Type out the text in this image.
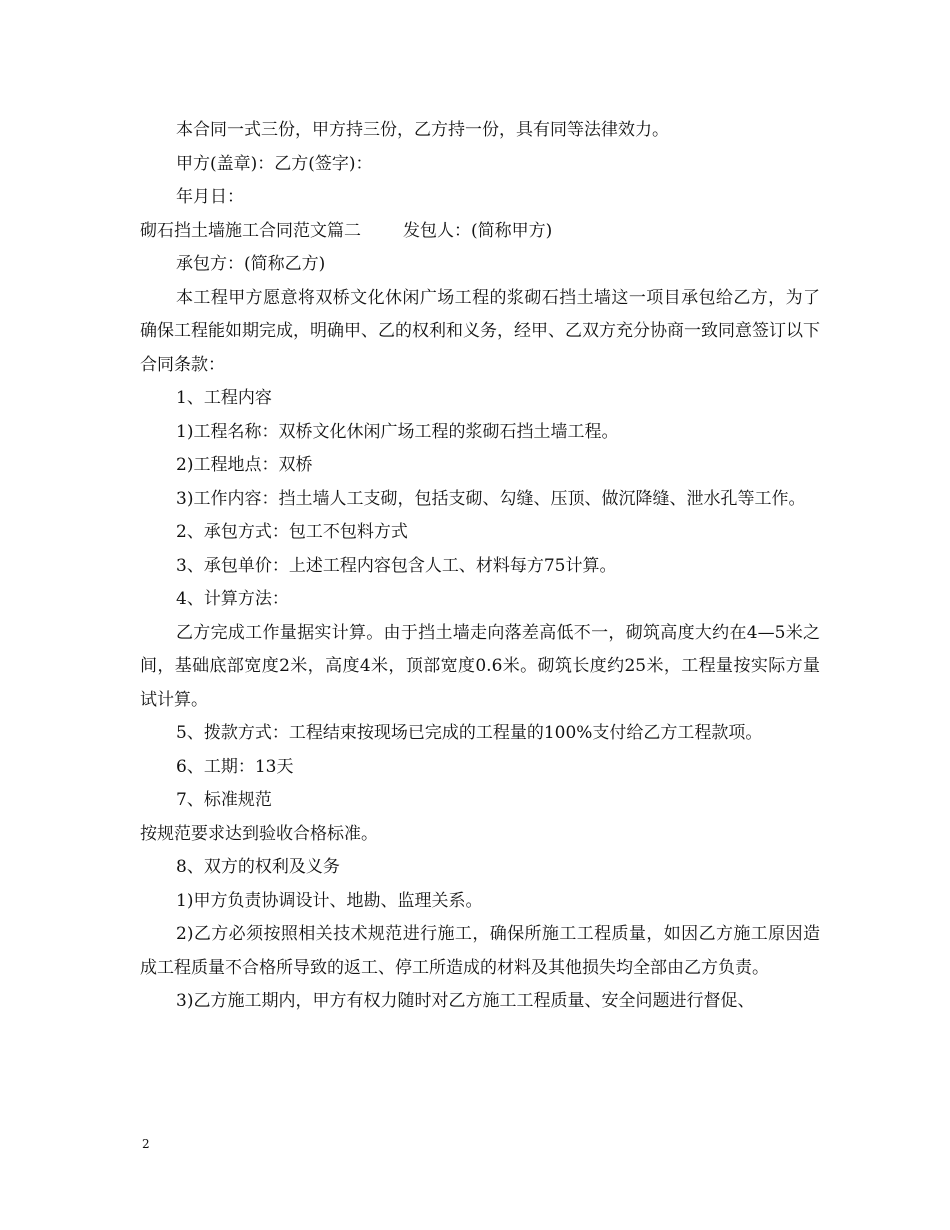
本合同一式三份，甲方持三份，乙方持一份，具有同等法律效力。

甲方(盖章)：乙方(签字)：

年月日：

砌石挡土墙施工合同范文篇二 发包人：(简称甲方)

承包方：(简称乙方)

本工程甲方愿意将双桥文化休闲广场工程的浆砌石挡土墙这一项目承包给乙方，为了确保工程能如期完成，明确甲、乙的权利和义务，经甲、乙双方充分协商一致同意签订以下合同条款：

1、工程内容

1)工程名称：双桥文化休闲广场工程的浆砌石挡土墙工程。

2)工程地点：双桥

3)工作内容：挡土墙人工支砌，包括支砌、勾缝、压顶、做沉降缝、泄水孔等工作。

2、承包方式：包工不包料方式

3、承包单价：上述工程内容包含人工、材料每方75计算。

4、计算方法：

乙方完成工作量据实计算。由于挡土墙走向落差高低不一，砌筑高度大约在4—5米之间，基础底部宽度2米，高度4米，顶部宽度0.6米。砌筑长度约25米，工程量按实际方量试计算。

5、拨款方式：工程结束按现场已完成的工程量的100%支付给乙方工程款项。

6、工期：13天

7、标准规范

按规范要求达到验收合格标准。

8、双方的权利及义务

1)甲方负责协调设计、地勘、监理关系。

2)乙方必须按照相关技术规范进行施工，确保所施工工程质量，如因乙方施工原因造成工程质量不合格所导致的返工、停工所造成的材料及其他损失均全部由乙方负责。

3)乙方施工期内，甲方有权力随时对乙方施工工程质量、安全问题进行督促、

2
